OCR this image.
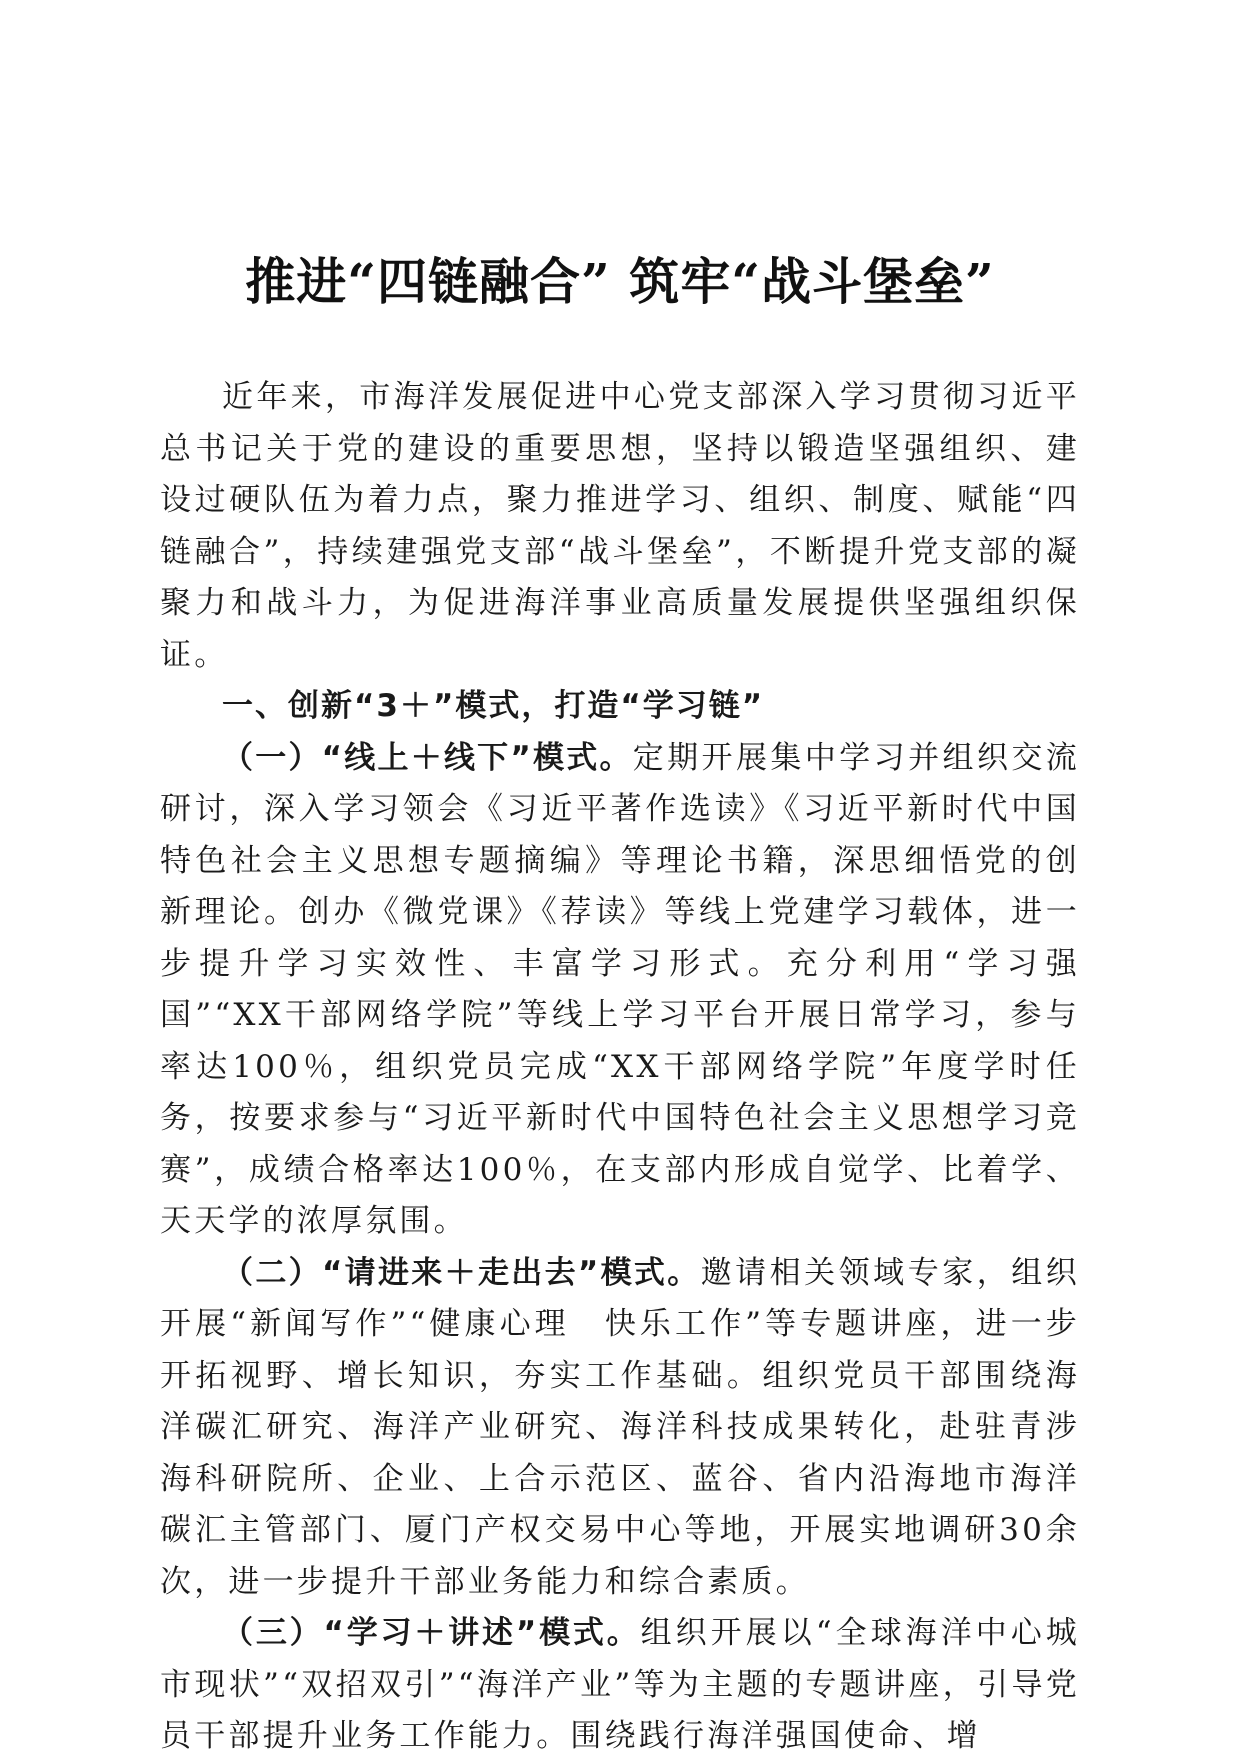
推进“四链融合” 筑牢“战斗堡垒”

近年来，市海洋发展促进中心党支部深入学习贯彻习近平总书记关于党的建设的重要思想，坚持以锻造坚强组织、建设过硬队伍为着力点，聚力推进学习、组织、制度、赋能“四链融合”，持续建强党支部“战斗堡垒”，不断提升党支部的凝聚力和战斗力，为促进海洋事业高质量发展提供坚强组织保证。

一、创新“3＋”模式，打造“学习链”

（一）“线上＋线下”模式。定期开展集中学习并组织交流研讨，深入学习领会《习近平著作选读》《习近平新时代中国特色社会主义思想专题摘编》等理论书籍，深思细悟党的创新理论。创办《微党课》《荐读》等线上党建学习载体，进一步提升学习实效性、丰富学习形式。充分利用“学习强国”“XX干部网络学院”等线上学习平台开展日常学习，参与率达100％，组织党员完成“XX干部网络学院”年度学时任务，按要求参与“习近平新时代中国特色社会主义思想学习竞赛”，成绩合格率达100％，在支部内形成自觉学、比着学、天天学的浓厚氛围。

（二）“请进来＋走出去”模式。邀请相关领域专家，组织开展“新闻写作”“健康心理　快乐工作”等专题讲座，进一步开拓视野、增长知识，夯实工作基础。组织党员干部围绕海洋碳汇研究、海洋产业研究、海洋科技成果转化，赴驻青涉海科研院所、企业、上合示范区、蓝谷、省内沿海地市海洋碳汇主管部门、厦门产权交易中心等地，开展实地调研30余次，进一步提升干部业务能力和综合素质。

（三）“学习＋讲述”模式。组织开展以“全球海洋中心城市现状”“双招双引”“海洋产业”等为主题的专题讲座，引导党员干部提升业务工作能力。围绕践行海洋强国使命、增
